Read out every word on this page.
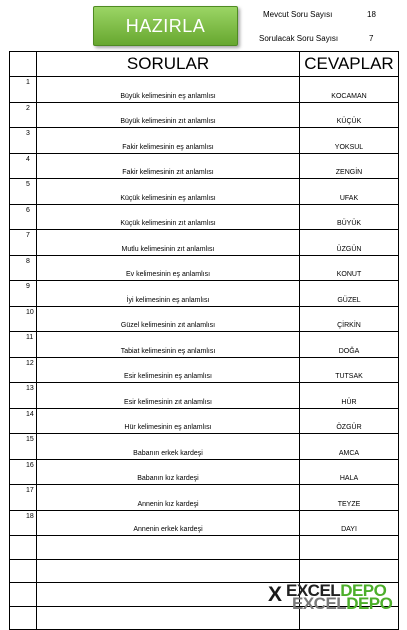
HAZIRLA
Mevcut Soru Sayısı	18
Sorulacak Soru Sayısı	7
	SORULAR	CEVAPLAR
1	Büyük kelimesinin eş anlamlısı	KOCAMAN
2	Büyük kelimesinin zıt anlamlısı	KÜÇÜK
3	Fakir kelimesinin eş anlamlısı	YOKSUL
4	Fakir kelimesinin zıt anlamlısı	ZENGİN
5	Küçük kelimesinin eş anlamlısı	UFAK
6	Küçük kelimesinin zıt anlamlısı	BÜYÜK
7	Mutlu kelimesinin zıt anlamlısı	ÜZGÜN
8	Ev kelimesinin eş anlamlısı	KONUT
9	İyi kelimesinin eş anlamlısı	GÜZEL
10	Güzel kelimesinin zıt anlamlısı	ÇİRKİN
11	Tabiat kelimesinin eş anlamlısı	DOĞA
12	Esir kelimesinin eş anlamlısı	TUTSAK
13	Esir kelimesinin zıt anlamlısı	HÜR
14	Hür kelimesinin eş anlamlısı	ÖZGÜR
15	Babanın erkek kardeşi	AMCA
16	Babanın kız kardeşi	HALA
17	Annenin kız kardeşi	TEYZE
18	Annenin erkek kardeşi	DAYI

X EXCELDEPO
EXCELDEPO
